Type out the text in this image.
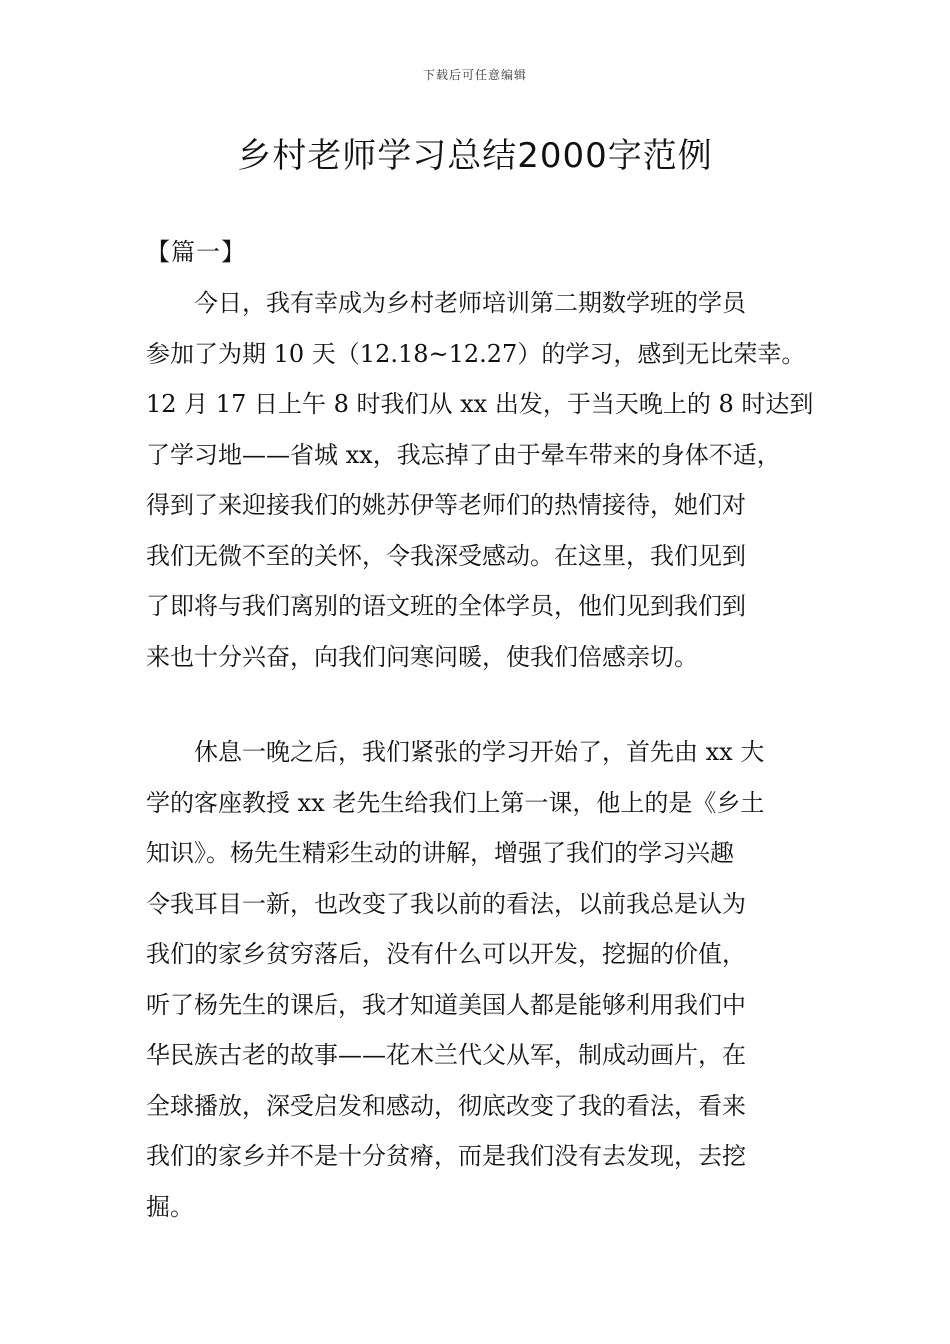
下载后可任意编辑
乡村老师学习总结2000字范例
【篇一】
　　今日，我有幸成为乡村老师培训第二期数学班的学员
参加了为期 10 天（12.18~12.27）的学习，感到无比荣幸。
12 月 17 日上午 8 时我们从 xx 出发，于当天晚上的 8 时达到
了学习地——省城 xx，我忘掉了由于晕车带来的身体不适，
得到了来迎接我们的姚苏伊等老师们的热情接待，她们对
我们无微不至的关怀，令我深受感动。在这里，我们见到
了即将与我们离别的语文班的全体学员，他们见到我们到
来也十分兴奋，向我们问寒问暖，使我们倍感亲切。
　　休息一晚之后，我们紧张的学习开始了，首先由 xx 大
学的客座教授 xx 老先生给我们上第一课，他上的是《乡土
知识》。杨先生精彩生动的讲解，增强了我们的学习兴趣
令我耳目一新，也改变了我以前的看法，以前我总是认为
我们的家乡贫穷落后，没有什么可以开发，挖掘的价值，
听了杨先生的课后，我才知道美国人都是能够利用我们中
华民族古老的故事——花木兰代父从军，制成动画片，在
全球播放，深受启发和感动，彻底改变了我的看法，看来
我们的家乡并不是十分贫瘠，而是我们没有去发现，去挖
掘。
